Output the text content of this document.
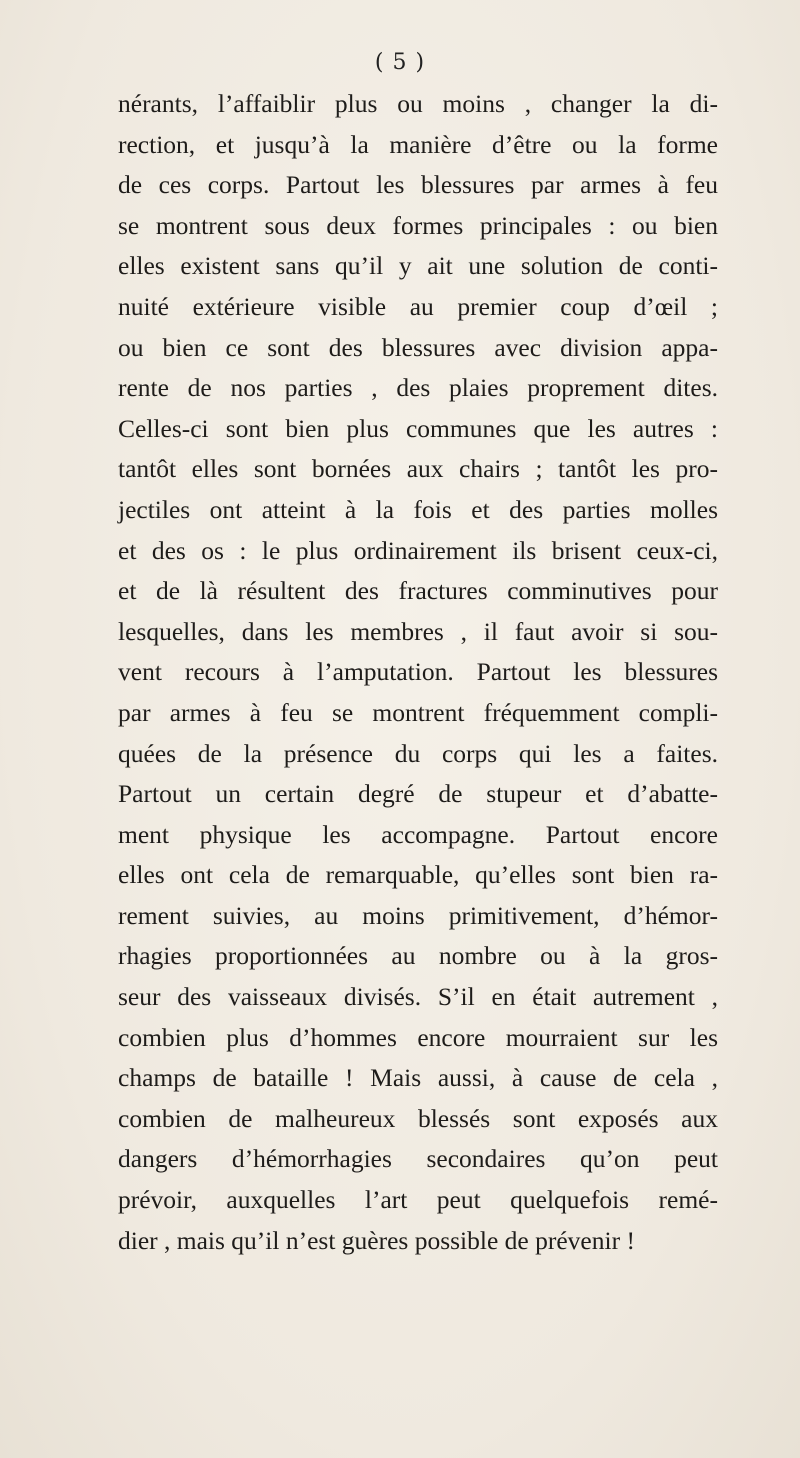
( 5 )
nérants, l’affaiblir plus ou moins , changer la di-
rection, et jusqu’à la manière d’être ou la forme
de ces corps. Partout les blessures par armes à feu
se montrent sous deux formes principales : ou bien
elles existent sans qu’il y ait une solution de conti-
nuité extérieure visible au premier coup d’œil ;
ou bien ce sont des blessures avec division appa-
rente de nos parties , des plaies proprement dites.
Celles-ci sont bien plus communes que les autres :
tantôt elles sont bornées aux chairs ; tantôt les pro-
jectiles ont atteint à la fois et des parties molles
et des os : le plus ordinairement ils brisent ceux-ci,
et de là résultent des fractures comminutives pour
lesquelles, dans les membres , il faut avoir si sou-
vent recours à l’amputation. Partout les blessures
par armes à feu se montrent fréquemment compli-
quées de la présence du corps qui les a faites.
Partout un certain degré de stupeur et d’abatte-
ment physique les accompagne. Partout encore
elles ont cela de remarquable, qu’elles sont bien ra-
rement suivies, au moins primitivement, d’hémor-
rhagies proportionnées au nombre ou à la gros-
seur des vaisseaux divisés. S’il en était autrement ,
combien plus d’hommes encore mourraient sur les
champs de bataille ! Mais aussi, à cause de cela ,
combien de malheureux blessés sont exposés aux
dangers d’hémorrhagies secondaires qu’on peut
prévoir, auxquelles l’art peut quelquefois remé-
dier , mais qu’il n’est guères possible de prévenir !
